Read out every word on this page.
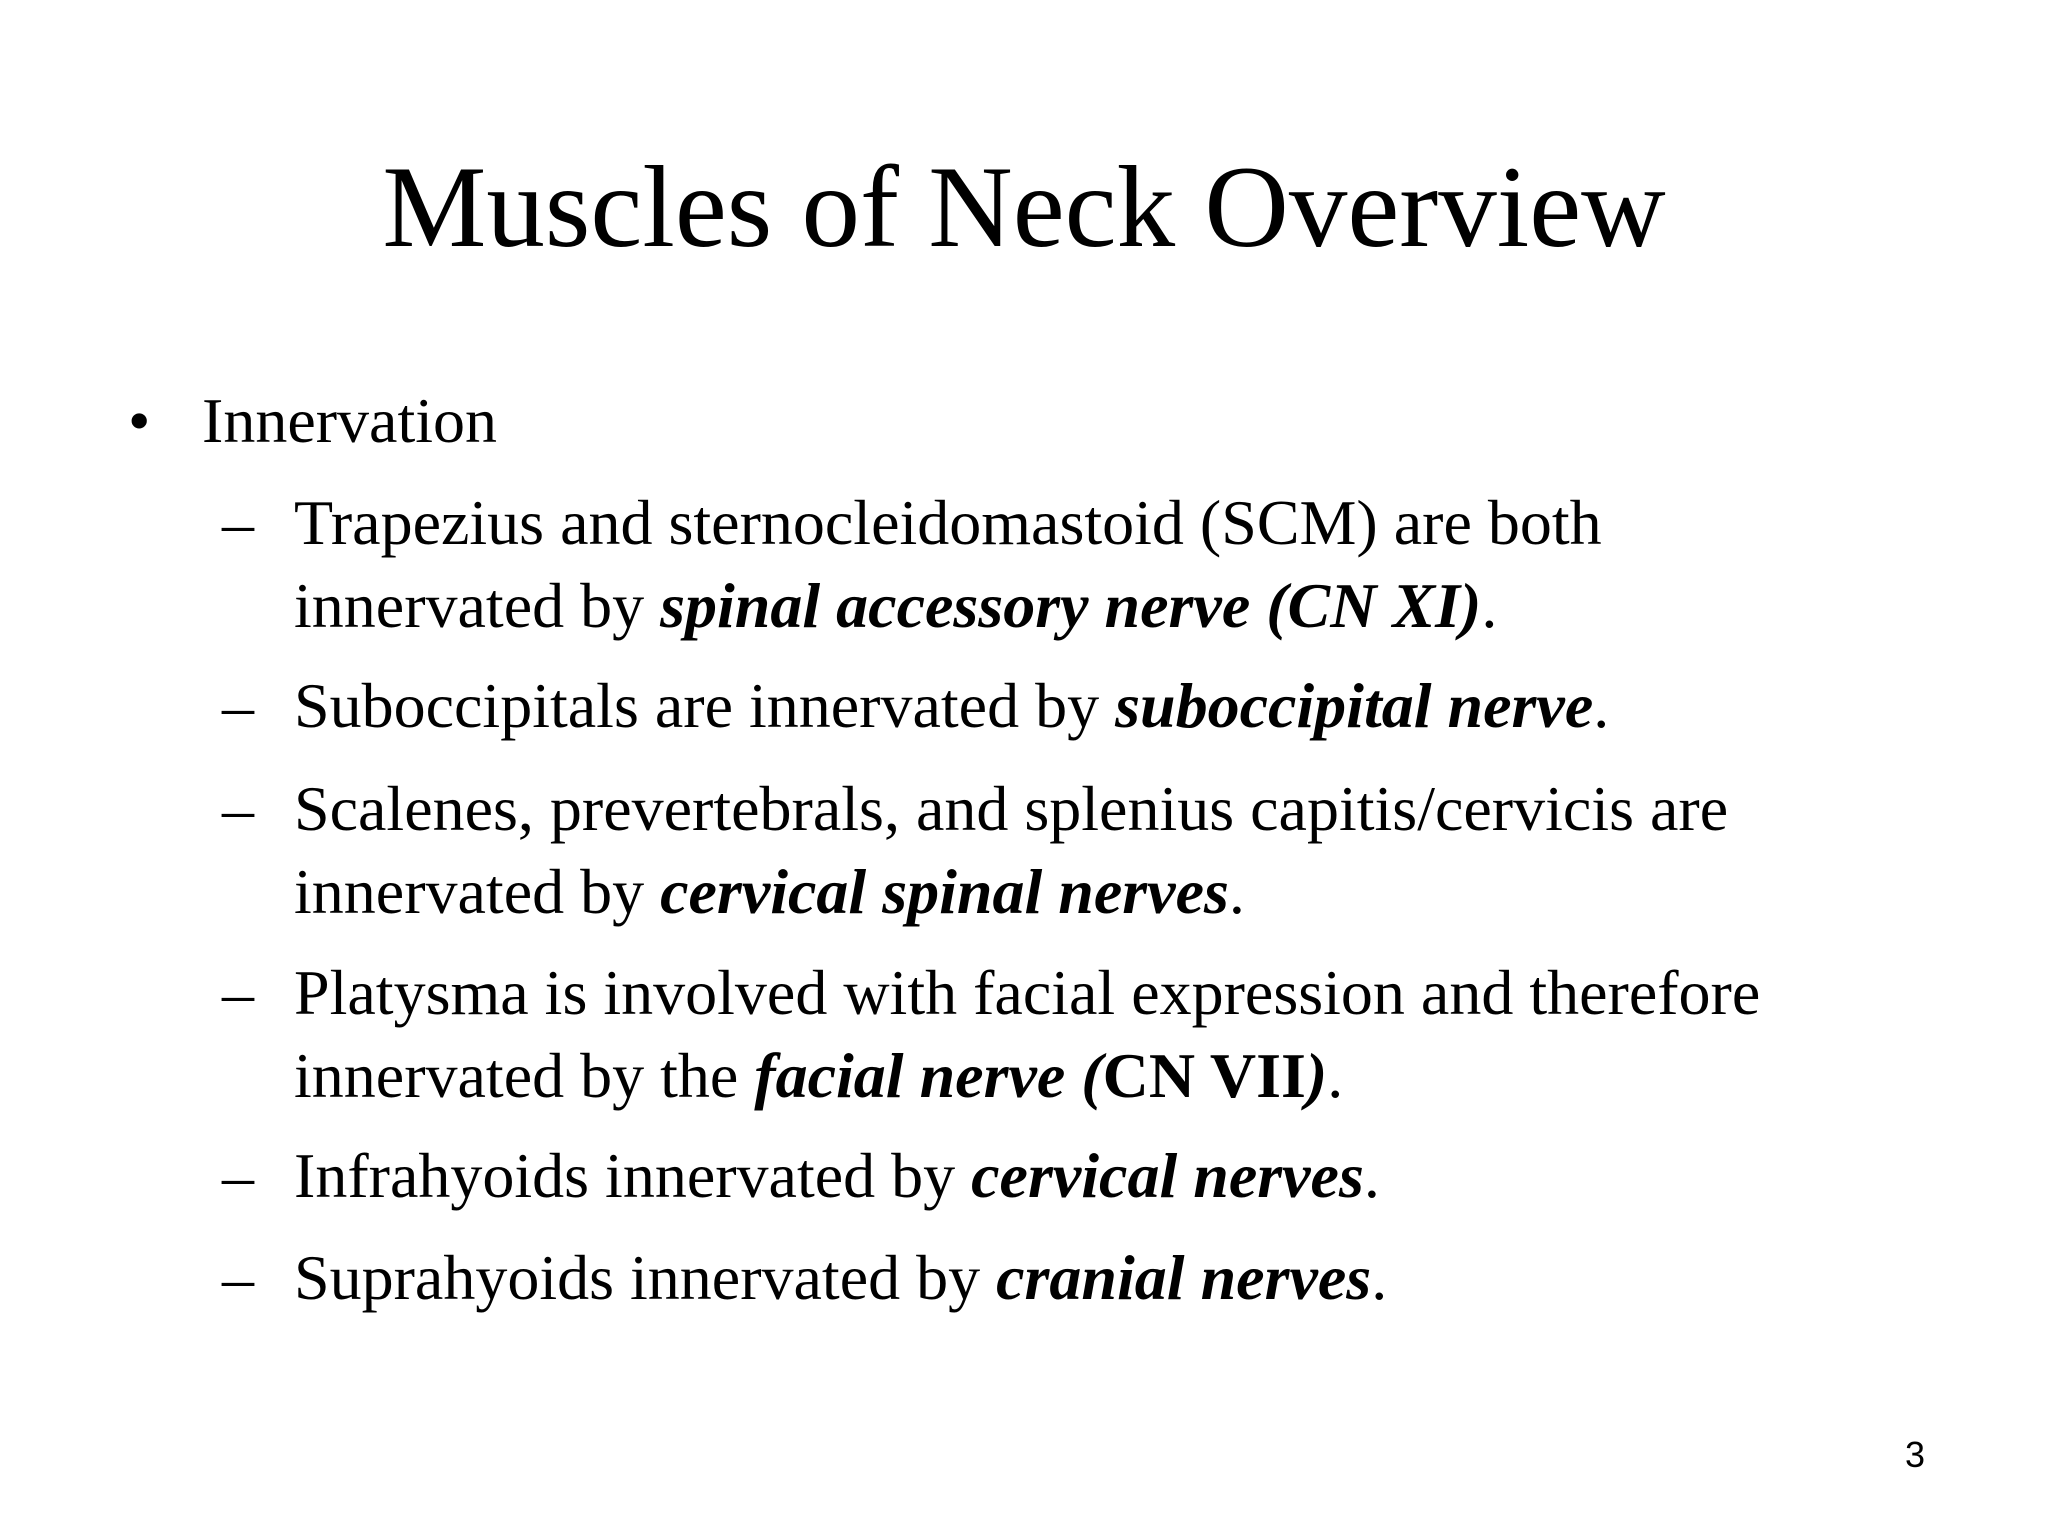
Muscles of Neck Overview
• Innervation
– Trapezius and sternocleidomastoid (SCM) are both
innervated by spinal accessory nerve (CN XI).
– Suboccipitals are innervated by suboccipital nerve.
– Scalenes, prevertebrals, and splenius capitis/cervicis are
innervated by cervical spinal nerves.
– Platysma is involved with facial expression and therefore
innervated by the facial nerve (CN VII).
– Infrahyoids innervated by cervical nerves.
– Suprahyoids innervated by cranial nerves.
3
